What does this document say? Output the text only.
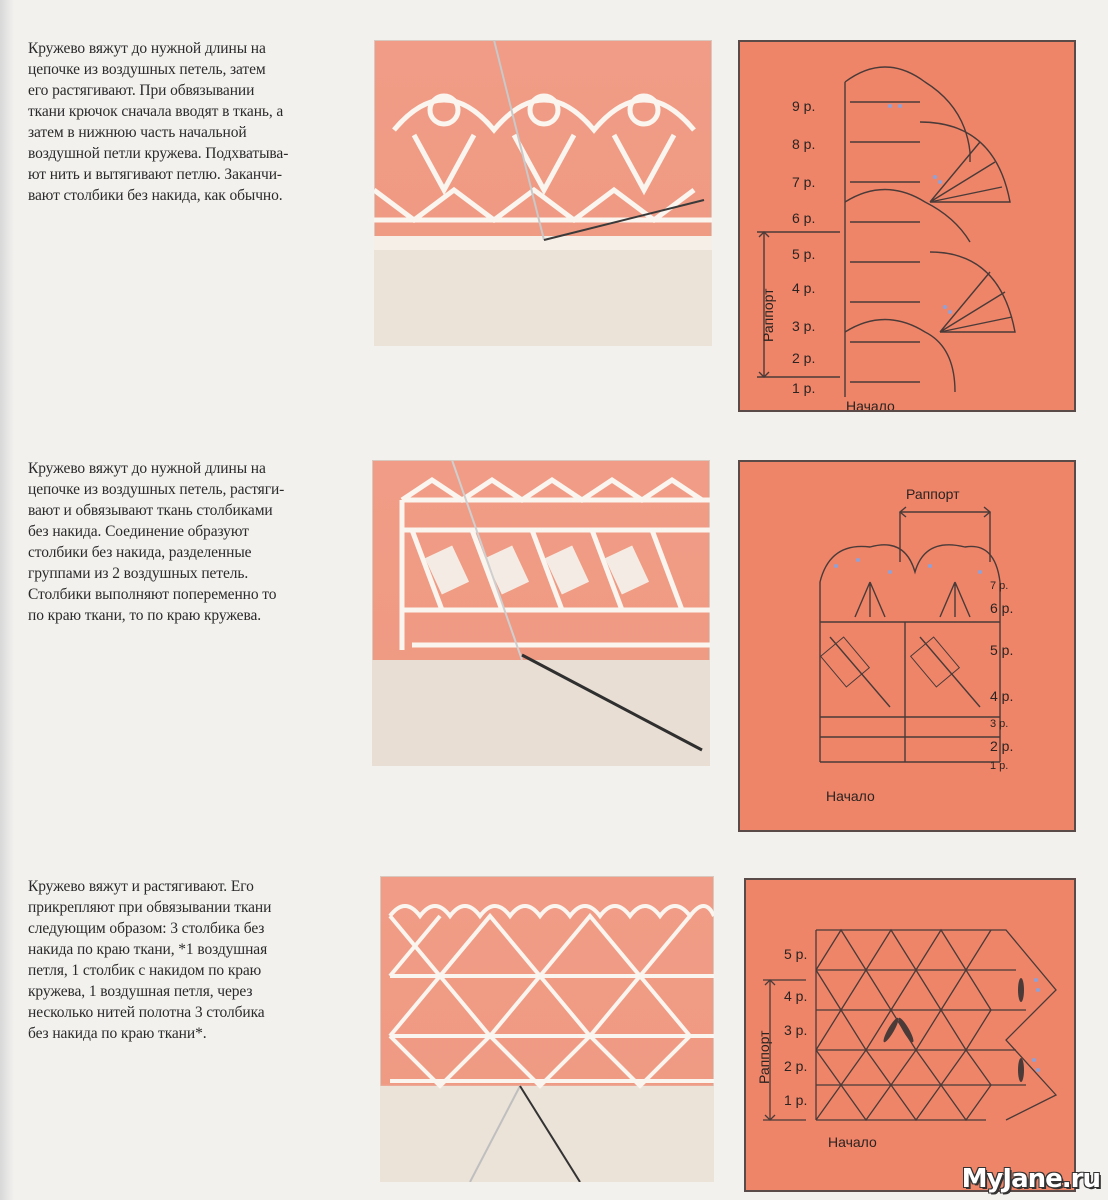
Кружево вяжут до нужной длины на
цепочке из воздушных петель, затем
его растягивают. При обвязывании
ткани крючок сначала вводят в ткань, а
затем в нижнюю часть начальной
воздушной петли кружева. Подхватыва-
ют нить и вытягивают петлю. Заканчи-
вают столбики без накида, как обычно.
9 р.
8 р.
7 р.
6 р.
5 р.
4 р.
3 р.
2 р.
1 р.
Раппорт
Начало
Кружево вяжут до нужной длины на
цепочке из воздушных петель, растяги-
вают и обвязывают ткань столбиками
без накида. Соединение образуют
столбики без накида, разделенные
группами из 2 воздушных петель.
Столбики выполняют попеременно то
по краю ткани, то по краю кружева.
Раппорт
7 р.
6 р.
5 р.
4 р.
3 р.
2 р.
1 р.
Начало
Кружево вяжут и растягивают. Его
прикрепляют при обвязывании ткани
следующим образом: 3 столбика без
накида по краю ткани, *1 воздушная
петля, 1 столбик с накидом по краю
кружева, 1 воздушная петля, через
несколько нитей полотна 3 столбика
без накида по краю ткани*.
5 р.
4 р.
3 р.
2 р.
1 р.
Раппорт
Начало
MyJane.ru
